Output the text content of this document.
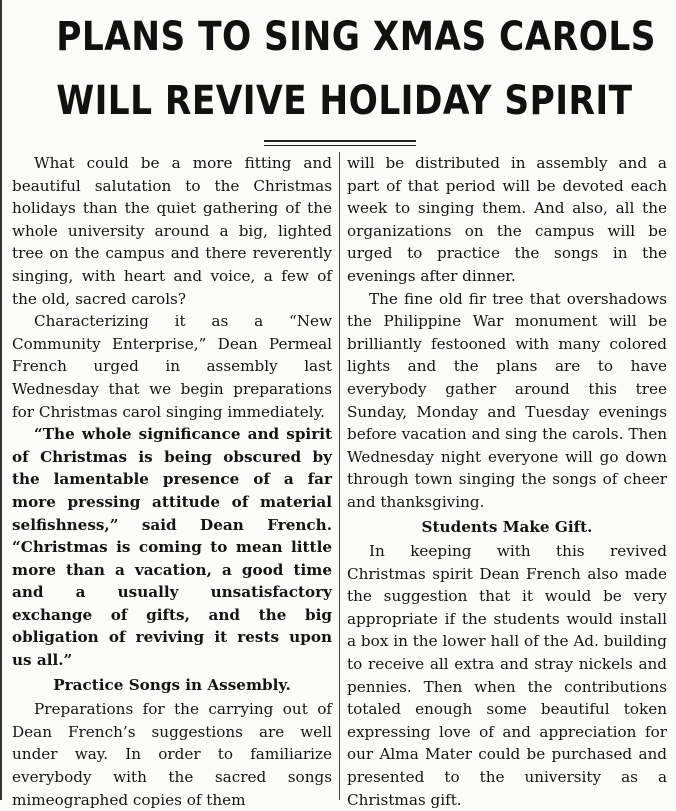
PLANS TO SING XMAS CAROLS
WILL REVIVE HOLIDAY SPIRIT

What could be a more fitting and beautiful salutation to the Christmas holidays than the quiet gathering of the whole university around a big, lighted tree on the campus and there reverently singing, with heart and voice, a few of the old, sacred carols?

Characterizing it as a “New Community Enterprise,” Dean Permeal French urged in assembly last Wednesday that we begin preparations for Christmas carol singing immediately.

“The whole significance and spirit of Christmas is being obscured by the lamentable presence of a far more pressing attitude of material selfishness,” said Dean French. “Christmas is coming to mean little more than a vacation, a good time and a usually unsatisfactory exchange of gifts, and the big obligation of reviving it rests upon us all.”

Practice Songs in Assembly.

Preparations for the carrying out of Dean French’s suggestions are well under way. In order to familiarize everybody with the sacred songs mimeographed copies of them

will be distributed in assembly and a part of that period will be devoted each week to singing them. And also, all the organizations on the campus will be urged to practice the songs in the evenings after dinner.

The fine old fir tree that overshadows the Philippine War monument will be brilliantly festooned with many colored lights and the plans are to have everybody gather around this tree Sunday, Monday and Tuesday evenings before vacation and sing the carols. Then Wednesday night everyone will go down through town singing the songs of cheer and thanksgiving.

Students Make Gift.

In keeping with this revived Christmas spirit Dean French also made the suggestion that it would be very appropriate if the students would install a box in the lower hall of the Ad. building to receive all extra and stray nickels and pennies. Then when the contributions totaled enough some beautiful token expressing love of and appreciation for our Alma Mater could be purchased and presented to the university as a Christmas gift.
